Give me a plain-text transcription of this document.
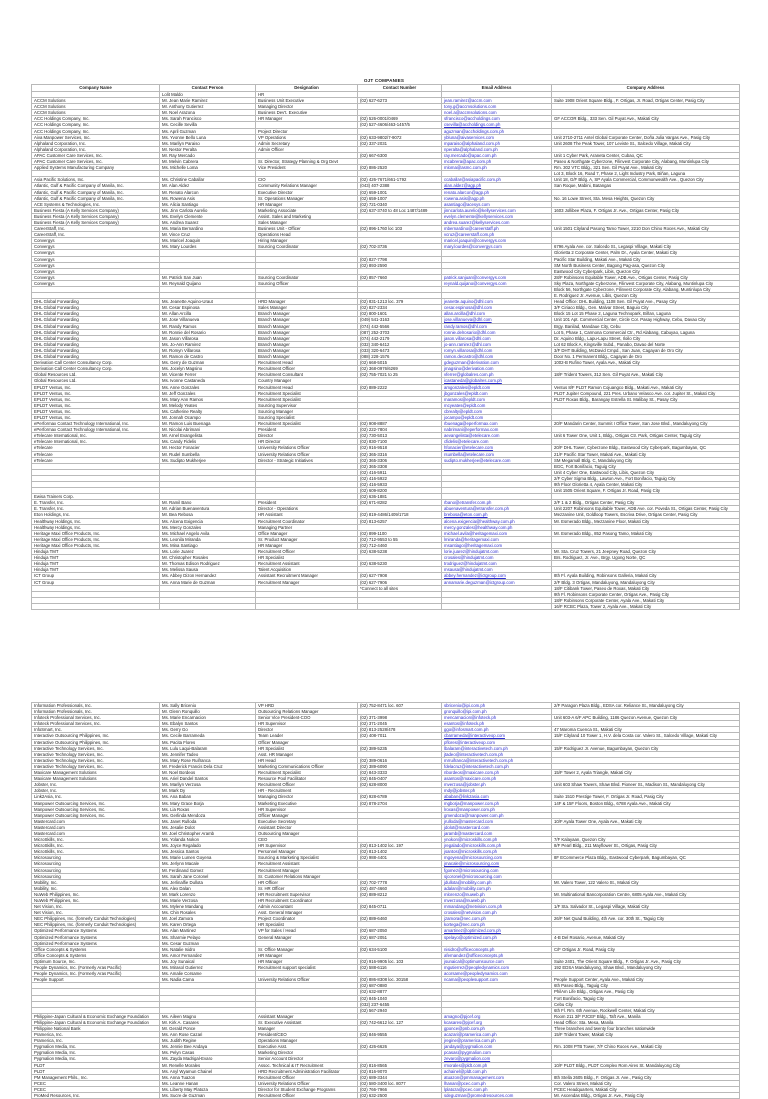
OJT COMPANIES
Company Name	Contact Person	Designation	Contact Number	Email Address	Company Address
	Lolit Maldo	HR			
ACCM Solutions	Mr. Jean Marie Ramirez	Business Unit Executive	(02) 627-6273	jean.ramirez@accm.com	Suite 1908 Orient Square Bldg., F. Ortigas, Jr. Road, Ortigas Center, Pasig City
ACCM Solutions	Mr. Anthony Gutierrez	Managing Director		tony.g@accmsolutions.com	
ACCM Solutions	Mr. Noel Arazona	Business Dev't. Executive		noel.a@accmsolutions.com	
ACC Holdings Company, Inc.	Ms. Sarah Francisco	HR Manager	(02) 526-0001/0469	sfrancisco@accholdings.com	GF ACCOR Bldg., 333 Sen. Gil Puyat Ave., Makati City
ACC Holdings Company, Inc.	Ms. Cecille Sevilla		(02) 527-4606/463-1457/5	csevilla@accholdings.com.ph	
ACC Holdings Company, Inc.	Ms. April Guzman	Project Director		aguzman@accholdings.com.ph	
Aiva Manpower Services, Inc.	Ms. Yvonne Bello Luna	VP Operations	(02) 633-9802/7-9072	ybluna@aivaservices.com	Unit 2710-2711 Antel Global Corporate Center, Doña Julia Vargas Ave., Pasig City
Alphaland Corporation, Inc.	Ms. Marilyn Paraiso	Admin Secretary	(02) 337-2031	mparaiso@alphaland.com.ph	Unit 2608 The Peak Tower, 107 Leviste St., Salcedo Village, Makati City
Alphaland Corporation, Inc.	Mr. Nestor Peralta	Admin Officer		nperalta@alphaland.com.ph	
APAC Customer Care Services, Inc.	Mr. Ray Mercado		(02) 667-6300	ray.mercado@apac.com.ph	Unit 1 Cyber Park, Araneta Center, Cubao, QC
APAC Customer Care Services, Inc.	Mr. Melvin Cabrera	Sr. Director, Strategy Planning & Org Devt		mcabrera@apac.com.ph	Paseo & Northgate Cyberzone, Filinvest Corporate City, Alabang, Muntinlupa City
Applied Systems Manufacturing Company	Ms. Michelle Loma	Vice President	(02) 886-2520	mloma@asmc.com.ph	Rm. 302 VTC Bldg., 321 Sen. Gil Puyat Ave., Makati City
					Lot 3, Block 16, Road 7, Phase 2, Light Industry Park, Biñan, Laguna
Asia Pacific Solutions, Inc.	Ms. Christine Caballar	CIO	(02) 426-7671/661-1792	ccaballar@asiapacific.com.ph	Unit 18, G/F Bldg. A, SP Ayala Commercial, Commonwealth Ave., Quezon City
Atlantic, Gulf & Pacific Company of Manila, Inc.	Mr. Alan Aldez	Community Relations Manager	(043) 407-2388	alan.aldez@agp.ph	San Roque, Mabini, Batangas
Atlantic, Gulf & Pacific Company of Manila, Inc.	Mr. Renato Alarcon	Executive Director	(02) 659-1001	renato.alarcon@agp.ph	
Atlantic, Gulf & Pacific Company of Manila, Inc.	Ms. Rowena Asis	Sr. Operations Manager	(02) 659-1007	rowena.asis@agp.ph	No. 16 Lowe Street, Sta. Mesa Heights, Quezon City
ACE Systems & Technologies, Inc.	Ms. Alicia Santiago	HR Manager	(02) 721-0340	asantiago@acesys.com	
Business Fiesta (A Kelly Services Company)	Ms. Jinn Carlota Aurelio	Marketing Associate	(02) 637-3740 to 48 Loc 1487/1489	jinncarlota.aurelio@kellyservices.com	1603 Jollibee Plaza, F. Ortigas Jr. Ave., Ortigas Center, Pasig City
Business Fiesta (A Kelly Services Company)	Ms. Evelyn Clemente	Assist. Sales and Marketing		evelyn.clemente@kellyservices.com	
Business Fiesta (A Kelly Services Company)	Ms. Andrea Suarez	Sales Manager		andrea.suarez@kellyservices.com	
CareerStaff, Inc.	Ms. Maria Bernardino	Business Unit - Officer	(02) 896-1760 loc 103	mbernardino@careerstaff.ph	Unit 1501 Cityland Pasong Tamo Tower, 2210 Don Chino Roces Ave., Makati City
CareerStaff, Inc.	Mr. Vince Cruz	Operations Head		vcruz@careerstaff.com.ph	
Convergys	Ms. Maricel Joaquin	Hiring Manager		maricel.joaquin@convergys.com	
Convergys	Ms. Mary Lourdes	Sourcing Coordinator	(02) 702-3736	mary.lourdes@convergys.com	6796 Ayala Ave. cor. Salcedo St., Legaspi Village, Makati City
Convergys					Glorietta 2 Corporate Center, Palm Dr., Ayala Center, Makati City
Convergys			(02) 827-7798		Pacific Star Building, Makati Ave., Makati City
Convergys			(02) 893-2590		SM North Business Center, Bagong Pag-asa, Quezon City
Convergys					Eastwood City Cyberpark, Libis, Quezon City
Convergys	Mr. Patrick San Juan	Sourcing Coordinator	(02) 857-7660	patrick.sanjuan@convergys.com	28/F Robinsons Equitable Tower, ADB Ave., Ortigas Center, Pasig City
Convergys	Mr. Reynald Quijano	Sourcing Officer		reynald.quijano@convergys.com	Sky Plaza, Northgate Cyberzone, Filinvest Corporate City, Alabang, Muntinlupa City
					Block 56, Northgate Cyberzone, Filinvest Corporate City, Alabang, Muntinlupa City
					E. Rodriguez Jr. Avenue, Libis, Quezon City
DHL Global Forwarding	Ms. Jeanette Aquino-Uraut	HRD Manager	(02) 831-1213 loc. 379	jeanette.aquino@dhl.com	Head Office: DHL Building, 1108 Sen. Gil Puyat Ave., Pasay City
DHL Global Forwarding	Mr. Cesar Espinosa	Sales Manager	(02) 827-2334	cesar.espinosa@dhl.com	3/F Ciriaco Bldg., Gen. Malvar Street, Baguio City
DHL Global Forwarding	Mr. Allan Arcilla	Branch Manager	(02) 800-1601	allan.arcilla@dhl.com	Block 15 Lot 15 Phase 2, Laguna Technopark, Biñan, Laguna
DHL Global Forwarding	Mr. Jose Villanueva	Branch Manager	(049) 541-3163	jose.villanueva@dhl.com	Unit 101 Apt. Commercial Center, Circle Cor. Pasay Highway, Cebu, Davao City
DHL Global Forwarding	Mr. Randy Ramos	Branch Manager	(074) 442-5566	randy.ramos@dhl.com	Brgy. Banilad, Mandaue City, Cebu
DHL Global Forwarding	Mr. Ronnie del Rosario	Branch Manager	(087) 252-3703	ronnie.delrosario@dhl.com	Lot 5, Phase 1, Carmona Commercial Ctr., Rd Alabang, Cabuyao, Laguna
DHL Global Forwarding	Mr. Jason Villarosa	Branch Manager	(074) 442-2179	jason.villarosa@dhl.com	Dr. Aquino Bldg., Lapu-Lapu Street, Iloilo City
DHL Global Forwarding	Ms. Jo-Ann Ramirez	Branch Manager	(032) 340-6412	jo-ann.ramirez@dhl.com	Lot 62 Block A, Kingsville Subd., Panabo, Davao del Norte
DHL Global Forwarding	Mr. Romyn Villarosa	Branch Manager	(033) 320-6473	romyn.villarosa@dhl.com	3/F DHT Building, McDavid Cmpd., San Juan, Cagayan de Oro City
DHL Global Forwarding	Mr. Ramon de Castro	Branch Manager	(088) 228-1576	ramon.decastro@dhl.com	Door No. 1 Permanent Bldg., Cagayan de Oro
Derivation Call Center Consultancy Corp.	Ms. Gerry de Guzman	Recruitment Head	(02) 668-5015	gdeguzman@derivation.com	1002-B Rufino Tower, Ayala Ave., Makati City
Derivation Call Center Consultancy Corp.	Ms. Jocelyn Magsino	Recruitment Officer	(02) 368-0976/6269	jmagsino@derivation.com	
Global Resources Ltd.	Mr. Vicente Ferrer	Recruitment Consultant	(02) 755-7021 to 25	vferrer@globalres.com.ph	18/F Trident Towers, 312 Sen. Gil Puyat Ave., Makati City
Global Resources Ltd.	Ms. Ivonne Castaneda	Country Manager		icastaneda@globalres.com.ph	
EPLDT Ventus, Inc.	Ms. Anne Gonzales	Recruitment Head	(02) 889-2222	amgonzales@epldt.com	Ventus 8/F PLDT Ramon Cojuangco Bldg., Makati Ave., Makati City
EPLDT Ventus, Inc.	Mr. Jeff Gonzales	Recruitment Specialist		jbgonzales@epldt.com	PLDT Jupiter Compound, 221 Pres. Urbano Velasco Ave. cor. Jupiter St., Makati City
EPLDT Ventus, Inc.	Ms. Mary Ann Ramos	Recruitment Specialist		maramos@epldt.com	PLDT Roxas Bldg., Barangay Estrella St. Malibay St., Pasay City
EPLDT Ventus, Inc.	Mr. Melody Yeates	Sourcing Supervisor		mcyeates@epldt.com	
EPLDT Ventus, Inc.	Ms. Catherine Realty	Sourcing Manager		cbrealty@epldt.com	
EPLDT Ventus, Inc.	Mr. Jonnah Ocampo	Sourcing Specialist		jocampo@epldt.com	
ePerformax Contact Technology International, Inc.	Mr. Ramon Luis Buenaga	Recruitment Specialist	(02) 908-8887	rbuenaga@eperformax.com	20/F Mandarin Center, Summit I Office Tower, San Jose Blvd., Mandaluyong City
ePerformax Contact Technology International, Inc.	Mr. Nicolai Abrimani	President	(02) 222-7804	nabrimani@eperformax.com	
eTelecare International, Inc.	Mr. Arnel Evangelista	Director	(02) 730-5013	aevangelista@etelecare.com	Unit 6 Tower One, Unit 1, Bldg., Ortigas Ctr. Park, Ortigas Center, Taguig City
eTelecare International, Inc.	Ms. Candy Fidelis	HR Director	(02) 830-7100	cfidelis@etelecare.com	
eTelecare	Mr. Hector Fonacier	University Relations Officer	(02) 916-9518	hfonacier@etelecare.com	20/F DHL Tower, Cyberzone Bldg., Eastwood City Cyberpark, Bagumbayan, QC
eTelecare	Mr. Rudel Sumbella	University Relations Officer	(02) 365-3316	rsumbella@etelecare.com	21/F Pacific Star Tower, Makati Ave., Makati City
eTelecare	Ms. Sudipto Mukherjee	Director - Strategic Initiatives	(02) 365-3306	sudipto.mukherjee@etelecare.com	SM Megamall Bldg. C, Mandaluyong City
			(02) 365-3308		BGC, Fort Bonifacio, Taguig City
			(02) 416-5911		Unit 4 Cyber One, Eastwood City, Libis, Quezon City
			(02) 416-5922		2/F Cyber Sigma Bldg., Lawton Ave., Fort Bonifacio, Taguig City
			(02) 416-5933		9th Floor Glorietta 4, Ayala Center, Makati City
			(02) 609-8200		Unit 1505 Orient Square, F. Ortigas Jr. Road, Pasig City
Ewisa Trainers Corp.			(02) 636-1881		
E. Transfer, Inc.	Mr. Ramil Bano	President	(02) 671-8282	rbano@etransfer.com.ph	2/F 1 & 2 Bldg., Ortigas Center, Pasig City
E. Transfer, Inc.	Mr. Adrian Buenaventura	Director - Operations		abuenaventura@etransfer.com.ph	Unit 2207 Robinsons Equitable Tower, ADB Ave. cor. Poveda St., Ortigas Center, Pasig City
Eton Holdings, Inc.	Mr. Bea Rebosa	HR Assistant	(02) 819-4486/1409/1718	brebosa@eton.com.ph	Mezzanine Unit, Goldloop Towers, Escriva Drive, Ortigas Center, Pasig City
Healthway Holdings, Inc.	Ms. Alcena Exigencia	Recruitment Coordinator	(02) 813-6257	alcena.exigencia@healthway.com.ph	Mr. Esmerado Bldg., Mezzanine Floor, Makati City
Healthway Holdings, Inc.	Ms. Mercy Gonzales	Managing Partner		mercy.gonzales@healthway.com.ph	
Heritage Maxi Office Products, Inc.	Ms. Michael Angelo Avila	Office Manager	(02) 899-1100	michael.avila@heritagemaxi.com	Mr. Esmerado Bldg., 852 Pasong Tamo, Makati City
Heritage Maxi Office Products, Inc.	Ms. Leonila Miranda	Sr. Product Manager	(02) 712-9553 to 55	lmiranda@heritagemaxi.com	
Heritage Maxi Office Products, Inc.	Ms. Mina Santiago	HR Manager	(02) 712-4460	msantiago@heritagemaxi.com	
Hinduja TMT	Ms. Lorie Juarez	Recruitment Officer	(02) 638-5238	lorie.juarez@hindujatmt.com	Mr. Sta. Cruz Towers, 21 Jeepney Road, Quezon City
Hinduja TMT	Mr. Christopher Rosales	HR Specialist		crosales@hindujatmt.com	Brs. Rodriguez, Jr. Ave., Brgy. Ugong Norte, QC
Hinduja TMT	Mr. Thomas Edison Rodriguez	Recruitment Assistant	(02) 638-5230	trodriguez@hindujatmt.com	
Hinduja TMT	Ms. Melissa Sausa	Talent Acquisition		msausa@hindujatmt.com	
ICT Group	Ms. Abbey Dizon Hernandez	Assistant Recruitment Manager	(02) 627-7908	abbey.hernandez@ictgroup.com	8th Fl. Ayala Building, Robinsons Galleria, Makati City
ICT Group	Ms. Anna Marie de Guzman	Recruitment Manager	(02) 627-7906	annamarie.deguzman@ictgroup.com	2/F Bldg. 3 Ortigas, Mandaluyong, Mandaluyong City
			*Connect to all sites		18/F Citibank Tower, Paseo de Roxas, Makati City
					9th Fl. Robinsons Corporate Center, Ortigas Ave., Pasig City
					18/F Robinsons Corporate Center, Ayala Ave., Makati City
					16/F RCBC Plaza, Tower 2, Ayala Ave., Makati City
Information Professionals, Inc.	Ms. Sally Bricenio	VP HRD	(02) 752-8471 loc. 607	sbricenio@ipi.com.ph	2/F Paragon Plaza Bldg., EDSA cor. Reliance St., Mandaluyong City
Information Professionals, Inc.	Mr. Glenn Ronquillo	Outsourcing Relations Manager		gronquillo@ipi.com.ph	
Infoteck Professional Services, Inc.	Ms. Marie Encarnacion	Senior Vice President-COO	(02) 371-3998	mencarnacion@infoteck.ph	Unit 603-A 6/F APC Building, 1186 Quezon Avenue, Quezon City
Infoteck Professional Services, Inc.	Ms. Ebalyn Santos	HR Supervisor	(02) 371-2045	esantos@infoteck.ph	
InfoSmart, Inc.	Ms. Gerry Go	Director	(02) 813-2528/478	ggo@infosmart.com.ph	47 Maroma Cuenca St., Makati City
Interactive Outsourcing Philippines, Inc.	Ms. Cecile Barrameda	Team Leader	(02) 408-7011	cbarrameda@interactiveop.com	15/F Cityland 10 Tower 1, H.V. dela Costa cor. Valero St., Salcedo Village, Makati City
Interactive Outsourcing Philippines, Inc.	Ms. Pacita Flores	Officer Manager		pflores@interactiveop.com	
Interactive Technology Services, Inc.	Ms. Lulu Laqui-Balaram	HR Specialist	(02) 389-5235	lbalaram@interactivetech.com.ph	15/F Rodriguez Jr. Avenue, Bagumbayan, Quezon City
Interactive Technology Services, Inc.	Ms. Jennifer Tadeo	Asst. HR Manager		jtadeo@interactivetech.com.ph	
Interactive Technology Services, Inc.	Ms. Mary Rose Ruifranca	HR Head	(02) 389-0616	mrruifranca@interactivetech.com.ph	
Interactive Technology Services, Inc.	Mr. Frederick Francis Dela Cruz	Marketing Communications Officer	(02) 389-6090	fdelacruz@interactivetech.com.ph	
Maxicare Management Solutions	Mr. Noel Bordeos	Recruitment Specialist	(02) 843-3333	nbordeos@maxicare.com.ph	15/F Tower 2, Ayala Triangle, Makati City
Maxicare Management Solutions	Ms. Ariel Dandel Santos	Resource Pool Facilitator	(02) 845-0407	asantos@maxicare.com.ph	
Jobster, Inc.	Ms. Marilyn Verzosa	Recruitment Officer	(02) 628-8000	mverzosa@jobster.ph	Unit 603 Shaw Towers, Shaw Blvd. Pioneer St., Madison St., Mandaluyong City
Jobster, Inc.	Mr. Mark Dy	HR - Recruitment		mdy@jobster.ph	
Link2Asia, Inc.	Ms. Ana Baban	Managing Director	(02) 928-6789	ababan@link2asia.com	Suite 1510 Prestige Tower, F. Ortigas Jr. Road, Pasig City
Manpower Outsourcing Services, Inc.	Ms. Mary Grace Borja	Marketing Executive	(02) 878-2704	mgborja@manpower.com.ph	14F & 15F Floors, Boston Bldg., 6788 Ayala Ave., Makati City
Manpower Outsourcing Services, Inc.	Ms. Lia Roxas	HR Supervisor		lroxas@manpower.com.ph	
Manpower Outsourcing Services, Inc.	Ms. Gerlinda Mendoza	Officer Manager		gmendoza@manpower.com.ph	
Mastercard.com	Ms. Janet Rulloda	Executive Secretary		jrulloda@mastercard.com	10/F Ayala Tower One, Ayala Ave., Makati City
Mastercard.com	Ms. Jesalie Dolot	Assistant Director		jdolot@mastercard.com	
Mastercard.com	Mr. Joel Christopher Aramb	Outsourcing Manager		jaramb@mastercard.com	
MicroSkills, Inc.	Ms. Yolanda Nokon	CEO		ynokon@microskills.com.ph	7/F Kalayaan, Quezon City
MicroSkills, Inc.	Ms. Joyce Regalado	HR Supervisor	(02) 813-1402 loc. 197	jregalado@microskills.com.ph	8/F Pearl Bldg., 211 Mayflower St., Ortigas, Pasig City
MicroSkills, Inc.	Ms. Jessica Santos	Personnel Manager	(02) 813-1402	jsantos@microskills.com.ph	
Microsourcing	Ms. Marie Lumen Goyena	Sourcing & Marketing Specialist	(02) 988-4401	mgoyena@microsourcing.com	8F ECommerce Plaza Bldg., Eastwood Cyberpark, Bagumbayan, QC
Microsourcing	Ms. Jerlynn Macale	Recruitment Assistant		jmacale@microsourcing.com	
Microsourcing	Mr. Ferdinand Gomez	Recruitment Manager		fgomez@microsourcing.com	
Microsourcing	Ms. Sarah Jane Coronel	Sr. Customer Relations Manager		sjcoronel@microsourcing.com	
Mobility, Inc.	Ms. Jerlinalfie Dullota	HR Officer	(02) 702-7778	jdullota@mobility.com.ph	Mr. Valero Tower, 122 Valero St., Makati City
Mobility, Inc.	Ms. Alex Dalan	Sr. HR Officer	(02) 487-4660	adalan@mobility.com.ph	
NuWeb Philippines, Inc.	Mr. Mark Lorenzo	HR Recruitment Supervisor	(02) 889-8212	mlorenzo@nuweb.ph	Mr. Multinational Bancorporation Centre, 6805 Ayala Ave., Makati City
NuWeb Philippines, Inc.	Ms. Marie Verzosa	HR Recruitment Coordinator		mverzosa@nuweb.ph	
Net Vision, Inc.	Ms. Mylene Mandang	Admin Accountant	(02) 845-0711	mmandang@netvision.com.ph	1/F Sta. Salvador St., Legaspi Village, Makati City
Net Vision, Inc.	Ms. Chin Rosales	Asst. General Manager		crosales@netvision.com.ph	
NEC Philippines, Inc. (formerly Conduit Technologies)	Mr. Joel Zamora	Project Coordinator	(02) 889-6460	jzamora@nec.com.ph	26/F Net Quad Building, 4th Ave. cor. 30th St., Taguig City
NEC Philippines, Inc. (formerly Conduit Technologies)	Ms. Karen Ortega	HR Specialist		kortega@nec.com.ph	
Optimized Performance Systems	Ms. Alan Martinez	VP for Sales / Head	(02) 687-2050	amartinez@optimized.com.ph	
Optimized Performance Systems	Ms. Sharmie Pelayo	General Manager	(02) 687-2051	spelayo@optimized.com.ph	4-B Del Rosario, Avenue, Makati City
Optimized Performance Systems	Ms. Cesar Guzman				
Office Concepts & Systems	Ms. Natalie Isidro	Sr. Office Manager	(02) 634-5100	nisidro@officeconcepts.ph	C/F Ortigas Jr. Road, Pasig City
Office Concepts & Systems	Ms. Amor Fernandez	HR Manager		afernandez@officeconcepts.ph	
Optimum Source, Inc.	Ms. Joy Sunaical	HR Manager	(02) 916-9905 loc. 103	jsunaical@optimumsource.com	Suite 2401, The Orient Square Bldg., F. Ortigas Jr. Ave., Pasig City
People Dynamics, Inc. (Formerly Aras Pacific)	Ms. Mirasol Gutierrez	Recruitment support specialist	(02) 588-6116	mgutierrez@peopledynamics.com	192 EDSA Mandaluyong, Shaw Blvd., Mandaluyong City
People Dynamics, Inc. (Formerly Aras Pacific)	Ms. Amalie Corsame			acorsame@peopledynamics.com	
People Support	Ms. Nadia Cama	University Relations Officer	(02) 886-8308 loc. 30158	ncama@peoplesupport.com	People Support Center, Ayala Ave., Makati City
			(02) 687-0880		6th Paseo Bldg., Taguig City
			(02) 632-8877		PhilAm Life Bldg., Ortigas Ave., Pasig City
			(02) 845-1040		Fort Bonifacio, Taguig City
			(032) 237-6455		Cebu City
			(02) 567-2940		6th Fl. Rm. 6th Avenue, Rockwell Center, Makati City
Philippine-Japan Cultural & Economic Exchange Foundation	Ms. Aileen Magno	Assistant Manager		amagno@pjcef.org	Room 211 3/F PJCEF Bldg., Taft Ave., Manila
Philippine-Japan Cultural & Economic Exchange Foundation	Mr. Kirk A. Casares	Sr. Executive Assistant	(02) 742-6612 loc. 127	kcasares@pjcef.org	Head Office: Sta. Mesa, Manila
Philippine National Bank	Mr. Gerald Ponce	Manager		gponce@pnb.com.ph	Three branches and twenty four branches nationwide
Pramerica, Inc.	Ms. Ann Rose Cazari	President/CEO	(02) 846-9555	acazari@pramerica.com.ph	15/F Trident Tower, Makati City
Pramerica, Inc.	Ms. Judith Regine	Operations Manager		jregine@pramerica.com.ph	
Pygmalion Media, Inc.	Ms. Jennie Bee Andaya	Executive Asst.	(02) 426-6626	jandaya@pygmalion.com	Rm. 1008 PTB Tower, 7/F Chino Roces Ave., Makati City
Pygmalion Media, Inc.	Ms. Pelyn Casas	Marketing Director		pcasas@pygmalion.com	
Pygmalion Media, Inc.	Ms. Zayda Madrigal-Evaro	Senior Account Director		zevaro@pygmalion.com	
PLDT	Mr. Renelle Morales	Assoc. Technical & IT Recruitment	(02) 816-8565	rmorales@pldt.com.ph	10/F PLDT Bldg., PLDT Complex Rom Aires St. Mandaluyong City
PLDT	Ms. Anyl Wyamun Chainel	HRD Recruitment Administration Facilitator	(02) 816-9070	achainel@pldt.com.ph	
PM Management Phils., Inc.	Ms. Anna Tuazon	Recruitment Officer	(02) 689-3344	atuazon@pmmanagement.com	8th Stella 2605 Bldg., F. Ortigas Jr. Ave., Pasig City
PCEC	Ms. Leanne Hanan	University Relations Officer	(02) 580-3400 loc. 8077	lhanan@pcec.com.ph	Cor. Valero Street, Makati City
PCEC	Ms. Liberty May Platoza	Director for Student Exchange Programs	(02) 766-7966	lplatoza@pcec.com.ph	PCEC Headquarters, Makati City
ProMed Resources, Inc.	Ms. Sucre de Guzman	Recruitment Officer	(02) 632-2500	sdeguzman@promedresources.com	Mr. Ascendas Bldg., Ortigas Jr. Ave., Pasig City
